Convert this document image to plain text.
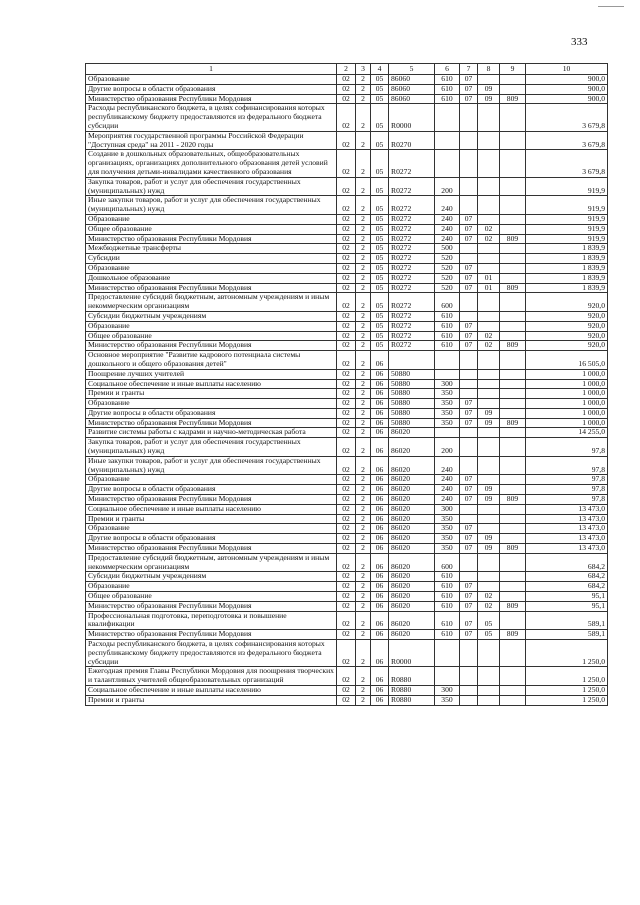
333
1	2	3	4	5	6	7	8	9	10
Образование	02	2	05	86060	610	07			900,0
Другие вопросы в области образования	02	2	05	86060	610	07	09		900,0
Министерство образования Республики Мордовия	02	2	05	86060	610	07	09	809	900,0
Расходы республиканского бюджета, в целях софинансирования которых республиканскому бюджету предоставляются из федерального бюджета субсидии	02	2	05	R0000					3 679,8
Мероприятия государственной программы Российской Федерации "Доступная среда" на 2011 - 2020 годы	02	2	05	R0270					3 679,8
Создание в дошкольных образовательных, общеобразовательных организациях, организациях дополнительного образования детей условий для получения детьми-инвалидами качественного образования	02	2	05	R0272					3 679,8
Закупка товаров, работ и услуг для обеспечения государственных (муниципальных) нужд	02	2	05	R0272	200				919,9
Иные закупки товаров, работ и услуг для обеспечения государственных (муниципальных) нужд	02	2	05	R0272	240				919,9
Образование	02	2	05	R0272	240	07			919,9
Общее образование	02	2	05	R0272	240	07	02		919,9
Министерство образования Республики Мордовия	02	2	05	R0272	240	07	02	809	919,9
Межбюджетные трансферты	02	2	05	R0272	500				1 839,9
Субсидии	02	2	05	R0272	520				1 839,9
Образование	02	2	05	R0272	520	07			1 839,9
Дошкольное образование	02	2	05	R0272	520	07	01		1 839,9
Министерство образования Республики Мордовия	02	2	05	R0272	520	07	01	809	1 839,9
Предоставление субсидий бюджетным, автономным учреждениям и иным некоммерческим организациям	02	2	05	R0272	600				920,0
Субсидии бюджетным учреждениям	02	2	05	R0272	610				920,0
Образование	02	2	05	R0272	610	07			920,0
Общее образование	02	2	05	R0272	610	07	02		920,0
Министерство образования Республики Мордовия	02	2	05	R0272	610	07	02	809	920,0
Основное мероприятие "Развитие кадрового потенциала системы дошкольного и общего образования детей"	02	2	06						16 505,0
Поощрение лучших учителей	02	2	06	50880					1 000,0
Социальное обеспечение и иные выплаты населению	02	2	06	50880	300				1 000,0
Премии и гранты	02	2	06	50880	350				1 000,0
Образование	02	2	06	50880	350	07			1 000,0
Другие вопросы в области образования	02	2	06	50880	350	07	09		1 000,0
Министерство образования Республики Мордовия	02	2	06	50880	350	07	09	809	1 000,0
Развитие системы работы с кадрами и научно-методическая работа	02	2	06	86020					14 255,0
Закупка товаров, работ и услуг для обеспечения государственных (муниципальных) нужд	02	2	06	86020	200				97,8
Иные закупки товаров, работ и услуг для обеспечения государственных (муниципальных) нужд	02	2	06	86020	240				97,8
Образование	02	2	06	86020	240	07			97,8
Другие вопросы в области образования	02	2	06	86020	240	07	09		97,8
Министерство образования Республики Мордовия	02	2	06	86020	240	07	09	809	97,8
Социальное обеспечение и иные выплаты населению	02	2	06	86020	300				13 473,0
Премии и гранты	02	2	06	86020	350				13 473,0
Образование	02	2	06	86020	350	07			13 473,0
Другие вопросы в области образования	02	2	06	86020	350	07	09		13 473,0
Министерство образования Республики Мордовия	02	2	06	86020	350	07	09	809	13 473,0
Предоставление субсидий бюджетным, автономным учреждениям и иным некоммерческим организациям	02	2	06	86020	600				684,2
Субсидии бюджетным учреждениям	02	2	06	86020	610				684,2
Образование	02	2	06	86020	610	07			684,2
Общее образование	02	2	06	86020	610	07	02		95,1
Министерство образования Республики Мордовия	02	2	06	86020	610	07	02	809	95,1
Профессиональная подготовка, переподготовка и повышение квалификации	02	2	06	86020	610	07	05		589,1
Министерство образования Республики Мордовия	02	2	06	86020	610	07	05	809	589,1
Расходы республиканского бюджета, в целях софинансирования которых республиканскому бюджету предоставляются из федерального бюджета субсидии	02	2	06	R0000					1 250,0
Ежегодная премия Главы Республики Мордовия для поощрения творческих и талантливых учителей общеобразовательных организаций	02	2	06	R0880					1 250,0
Социальное обеспечение и иные выплаты населению	02	2	06	R0880	300				1 250,0
Премии и гранты	02	2	06	R0880	350				1 250,0
